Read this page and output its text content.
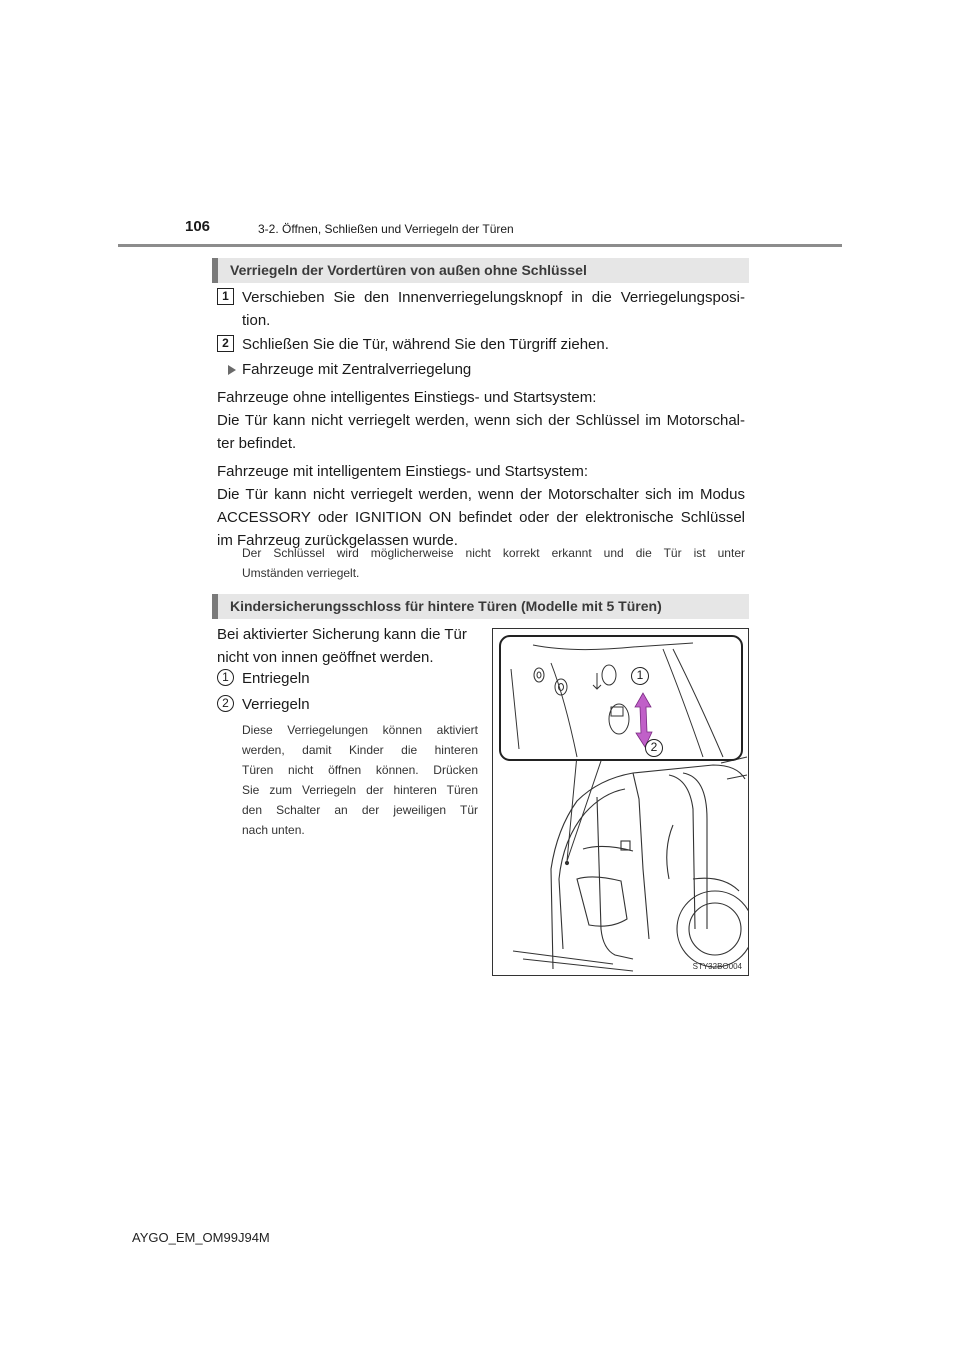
106	3-2. Öffnen, Schließen und Verriegeln der Türen
Verriegeln der Vordertüren von außen ohne Schlüssel
1 Verschieben Sie den Innenverriegelungsknopf in die Verriegelungsposi-
tion.
2 Schließen Sie die Tür, während Sie den Türgriff ziehen.
Fahrzeuge mit Zentralverriegelung
Fahrzeuge ohne intelligentes Einstiegs- und Startsystem:
Die Tür kann nicht verriegelt werden, wenn sich der Schlüssel im Motorschal-
ter befindet.
Fahrzeuge mit intelligentem Einstiegs- und Startsystem:
Die Tür kann nicht verriegelt werden, wenn der Motorschalter sich im Modus
ACCESSORY oder IGNITION ON befindet oder der elektronische Schlüssel
im Fahrzeug zurückgelassen wurde.
Der Schlüssel wird möglicherweise nicht korrekt erkannt und die Tür ist unter
Umständen verriegelt.
Kindersicherungsschloss für hintere Türen (Modelle mit 5 Türen)
Bei aktivierter Sicherung kann die Tür
nicht von innen geöffnet werden.
1 Entriegeln
2 Verriegeln
Diese Verriegelungen können aktiviert
werden, damit Kinder die hinteren
Türen nicht öffnen können. Drücken
Sie zum Verriegeln der hinteren Türen
den Schalter an der jeweiligen Tür
nach unten.
1
2
STY32BO004
AYGO_EM_OM99J94M
